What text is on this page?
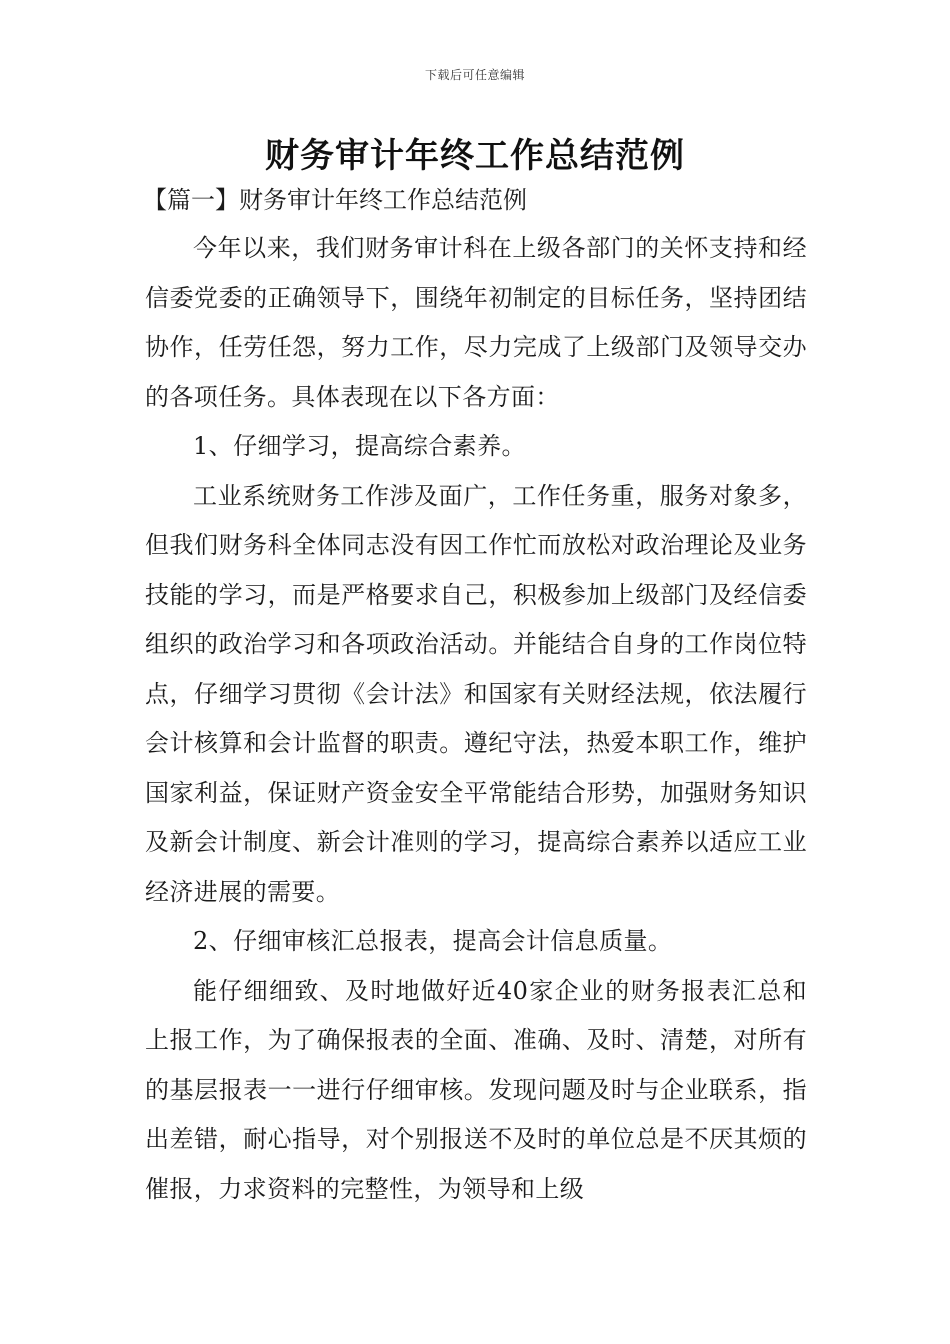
下载后可任意编辑
财务审计年终工作总结范例
【篇一】财务审计年终工作总结范例

今年以来，我们财务审计科在上级各部门的关怀支持和经信委党委的正确领导下，围绕年初制定的目标任务，坚持团结协作，任劳任怨，努力工作，尽力完成了上级部门及领导交办的各项任务。具体表现在以下各方面：

1、仔细学习，提高综合素养。

工业系统财务工作涉及面广，工作任务重，服务对象多，但我们财务科全体同志没有因工作忙而放松对政治理论及业务技能的学习，而是严格要求自己，积极参加上级部门及经信委组织的政治学习和各项政治活动。并能结合自身的工作岗位特点，仔细学习贯彻《会计法》和国家有关财经法规，依法履行会计核算和会计监督的职责。遵纪守法，热爱本职工作，维护国家利益，保证财产资金安全平常能结合形势，加强财务知识及新会计制度、新会计准则的学习，提高综合素养以适应工业经济进展的需要。

2、仔细审核汇总报表，提高会计信息质量。

能仔细细致、及时地做好近40家企业的财务报表汇总和上报工作，为了确保报表的全面、准确、及时、清楚，对所有的基层报表一一进行仔细审核。发现问题及时与企业联系，指出差错，耐心指导，对个别报送不及时的单位总是不厌其烦的催报，力求资料的完整性，为领导和上级
